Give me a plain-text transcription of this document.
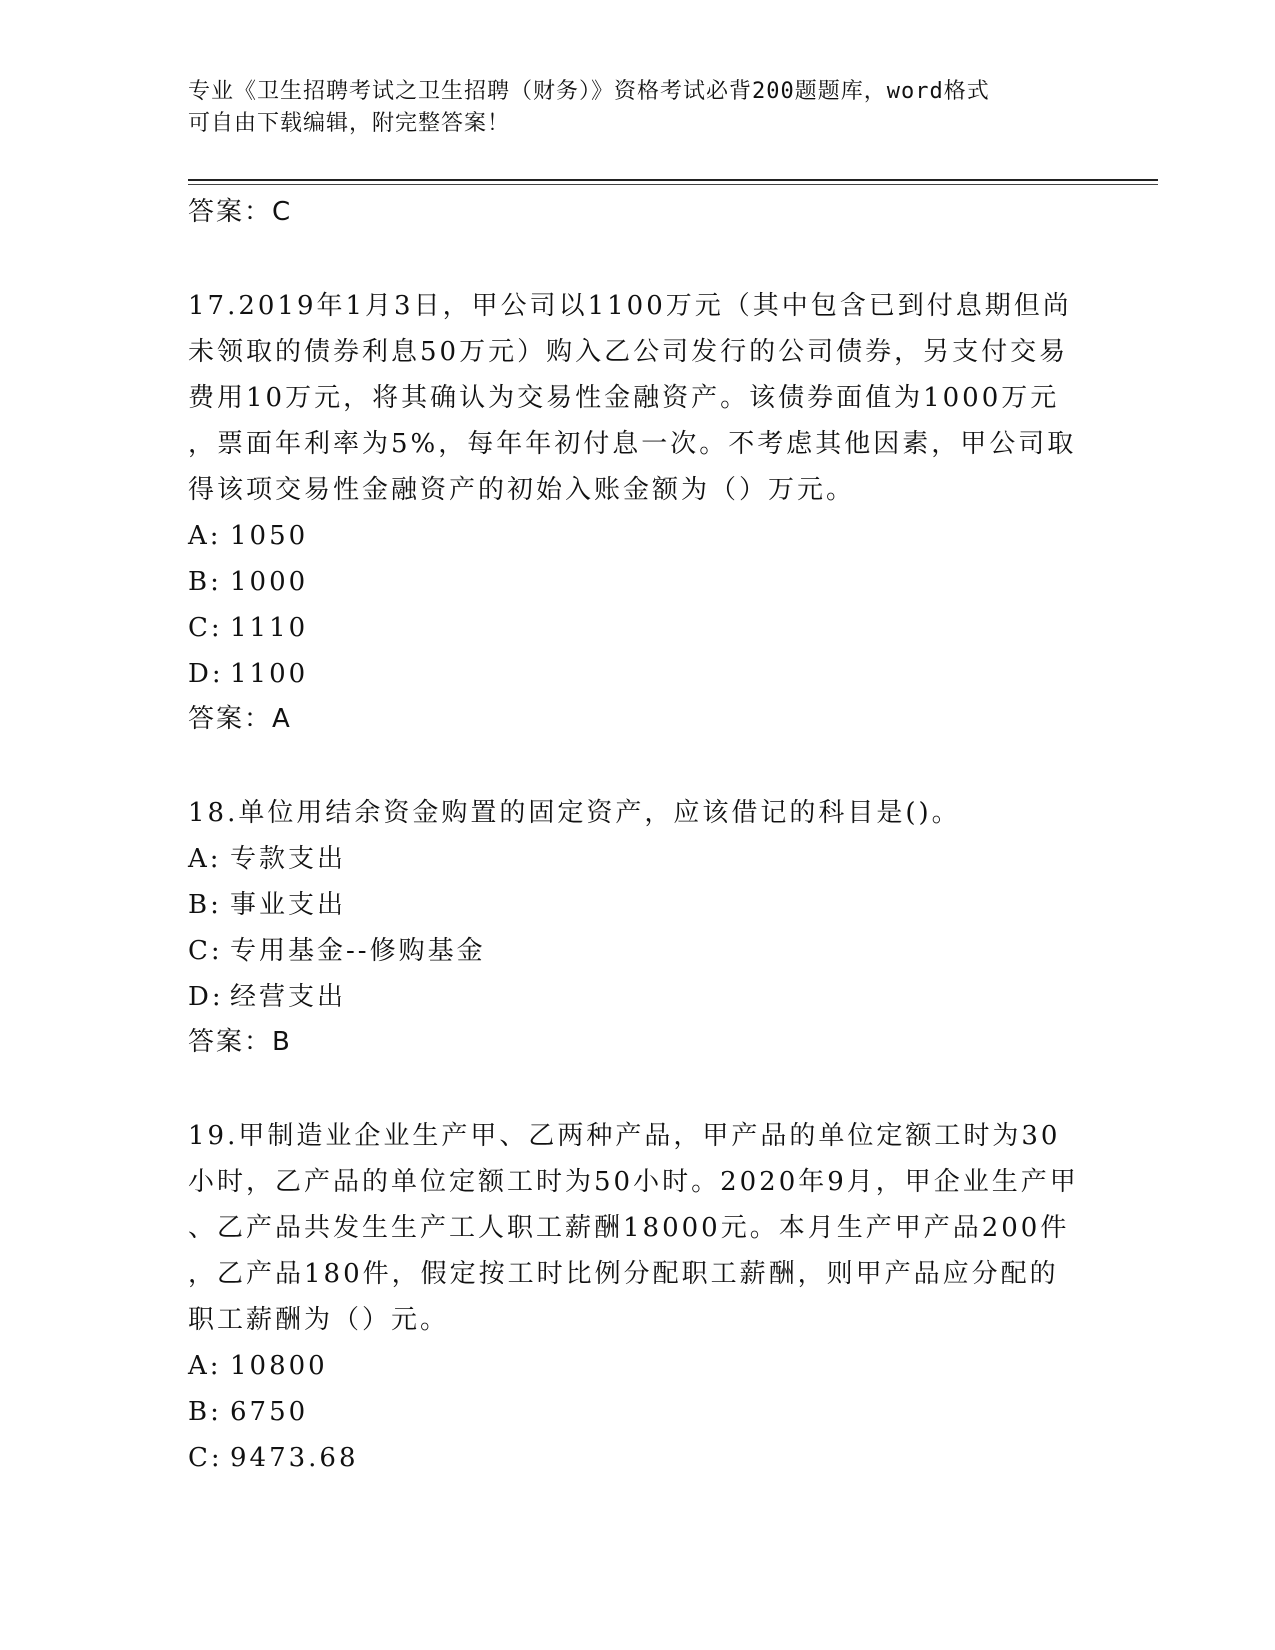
专业《卫生招聘考试之卫生招聘（财务）》资格考试必背200题题库，word格式
可自由下载编辑，附完整答案！
答案：C
17.2019年1月3日，甲公司以1100万元（其中包含已到付息期但尚
未领取的债券利息50万元）购入乙公司发行的公司债券，另支付交易
费用10万元，将其确认为交易性金融资产。该债券面值为1000万元
，票面年利率为5%，每年年初付息一次。不考虑其他因素，甲公司取
得该项交易性金融资产的初始入账金额为（）万元。
A: 1050
B: 1000
C: 1110
D: 1100
答案：A
18.单位用结余资金购置的固定资产，应该借记的科目是()。
A: 专款支出
B: 事业支出
C: 专用基金--修购基金
D: 经营支出
答案：B
19.甲制造业企业生产甲、乙两种产品，甲产品的单位定额工时为30
小时，乙产品的单位定额工时为50小时。2020年9月，甲企业生产甲
、乙产品共发生生产工人职工薪酬18000元。本月生产甲产品200件
，乙产品180件，假定按工时比例分配职工薪酬，则甲产品应分配的
职工薪酬为（）元。
A: 10800
B: 6750
C: 9473.68
